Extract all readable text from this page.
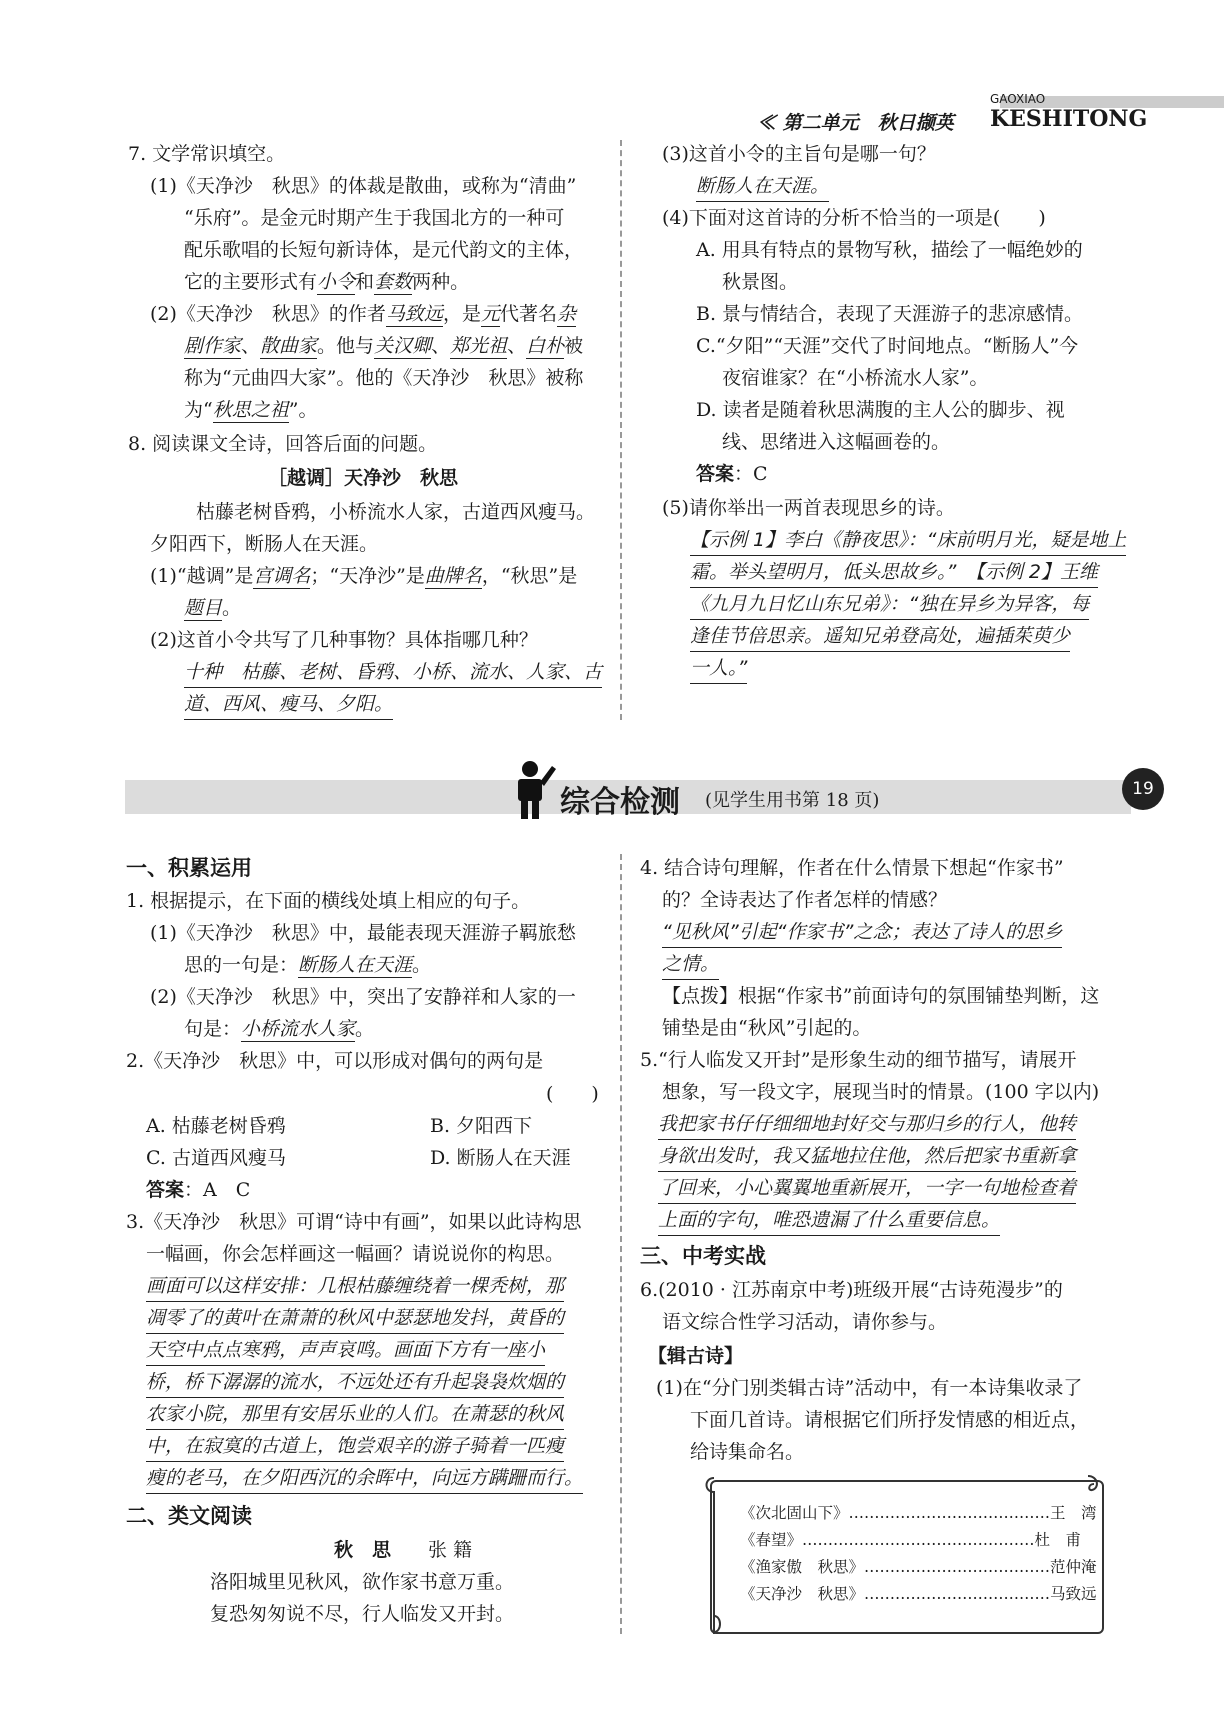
GAOXIAO
KESHITONG
≪ 第二单元　秋日撷英
7. 文学常识填空。
(1)《天净沙　秋思》的体裁是散曲，或称为“清曲”
“乐府”。是金元时期产生于我国北方的一种可
配乐歌唱的长短句新诗体，是元代韵文的主体，
它的主要形式有小令和套数两种。
(2)《天净沙　秋思》的作者马致远，是元代著名杂
剧作家、散曲家。他与关汉卿、郑光祖、白朴被
称为“元曲四大家”。他的《天净沙　秋思》被称
为“秋思之祖”。
8. 阅读课文全诗，回答后面的问题。
［越调］天净沙　秋思
枯藤老树昏鸦，小桥流水人家，古道西风瘦马。
夕阳西下，断肠人在天涯。
(1)“越调”是宫调名；“天净沙”是曲牌名，“秋思”是
题目。
(2)这首小令共写了几种事物？具体指哪几种？
十种　枯藤、老树、昏鸦、小桥、流水、人家、古
道、西风、瘦马、夕阳。
(3)这首小令的主旨句是哪一句？
断肠人在天涯。
(4)下面对这首诗的分析不恰当的一项是(　　)
A. 用具有特点的景物写秋，描绘了一幅绝妙的
秋景图。
B. 景与情结合，表现了天涯游子的悲凉感情。
C.“夕阳”“天涯”交代了时间地点。“断肠人”今
夜宿谁家？在“小桥流水人家”。
D. 读者是随着秋思满腹的主人公的脚步、视
线、思绪进入这幅画卷的。
答案：C
(5)请你举出一两首表现思乡的诗。
【示例 1】李白《静夜思》：“床前明月光，疑是地上
霜。举头望明月，低头思故乡。”　【示例 2】王维
《九月九日忆山东兄弟》：“独在异乡为异客，每
逢佳节倍思亲。遥知兄弟登高处，遍插茱萸少
一人。”
综合检测 (见学生用书第 18 页)
19
一、积累运用
1. 根据提示，在下面的横线处填上相应的句子。
(1)《天净沙　秋思》中，最能表现天涯游子羁旅愁
思的一句是：断肠人在天涯。
(2)《天净沙　秋思》中，突出了安静祥和人家的一
句是：小桥流水人家。
2.《天净沙　秋思》中，可以形成对偶句的两句是
(　　)
A. 枯藤老树昏鸦	B. 夕阳西下
C. 古道西风瘦马	D. 断肠人在天涯
答案：A　C
3.《天净沙　秋思》可谓“诗中有画”，如果以此诗构思
一幅画，你会怎样画这一幅画？请说说你的构思。
画面可以这样安排：几根枯藤缠绕着一棵秃树，那
凋零了的黄叶在萧萧的秋风中瑟瑟地发抖，黄昏的
天空中点点寒鸦，声声哀鸣。画面下方有一座小
桥，桥下潺潺的流水，不远处还有升起袅袅炊烟的
农家小院，那里有安居乐业的人们。在萧瑟的秋风
中，在寂寞的古道上，饱尝艰辛的游子骑着一匹瘦
瘦的老马，在夕阳西沉的余晖中，向远方蹒跚而行。
二、类文阅读
秋　思 张 籍
洛阳城里见秋风，欲作家书意万重。
复恐匆匆说不尽，行人临发又开封。
4. 结合诗句理解，作者在什么情景下想起“作家书”
的？全诗表达了作者怎样的情感？
“见秋风”引起“作家书”之念；表达了诗人的思乡
之情。
【点拨】根据“作家书”前面诗句的氛围铺垫判断，这
铺垫是由“秋风”引起的。
5.“行人临发又开封”是形象生动的细节描写，请展开
想象，写一段文字，展现当时的情景。(100 字以内)
我把家书仔仔细细地封好交与那归乡的行人，他转
身欲出发时，我又猛地拉住他，然后把家书重新拿
了回来，小心翼翼地重新展开，一字一句地检查着
上面的字句，唯恐遗漏了什么重要信息。
三、中考实战
6.(2010 · 江苏南京中考)班级开展“古诗苑漫步”的
语文综合性学习活动，请你参与。
【辑古诗】
(1)在“分门别类辑古诗”活动中，有一本诗集收录了
下面几首诗。请根据它们所抒发情感的相近点，
给诗集命名。
《次北固山下》…………………………………王　湾
《春望》………………………………………杜　甫
《渔家傲　秋思》………………………………范仲淹
《天净沙　秋思》………………………………马致远
